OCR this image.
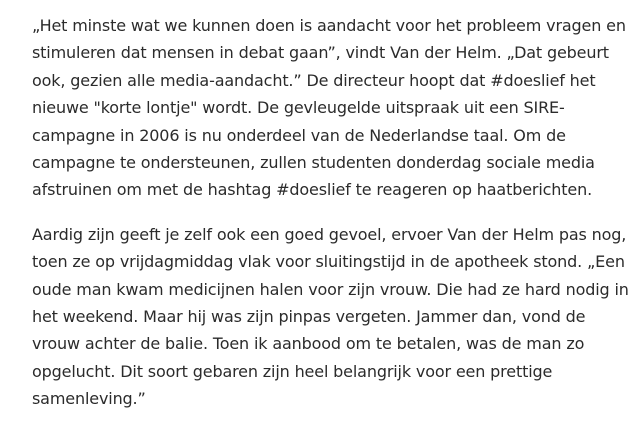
„Het minste wat we kunnen doen is aandacht voor het probleem vragen en
stimuleren dat mensen in debat gaan”, vindt Van der Helm. „Dat gebeurt
ook, gezien alle media-aandacht.” De directeur hoopt dat #doeslief het
nieuwe "korte lontje" wordt. De gevleugelde uitspraak uit een SIRE-
campagne in 2006 is nu onderdeel van de Nederlandse taal. Om de
campagne te ondersteunen, zullen studenten donderdag sociale media
afstruinen om met de hashtag #doeslief te reageren op haatberichten.

Aardig zijn geeft je zelf ook een goed gevoel, ervoer Van der Helm pas nog,
toen ze op vrijdagmiddag vlak voor sluitingstijd in de apotheek stond. „Een
oude man kwam medicijnen halen voor zijn vrouw. Die had ze hard nodig in
het weekend. Maar hij was zijn pinpas vergeten. Jammer dan, vond de
vrouw achter de balie. Toen ik aanbood om te betalen, was de man zo
opgelucht. Dit soort gebaren zijn heel belangrijk voor een prettige
samenleving.”
